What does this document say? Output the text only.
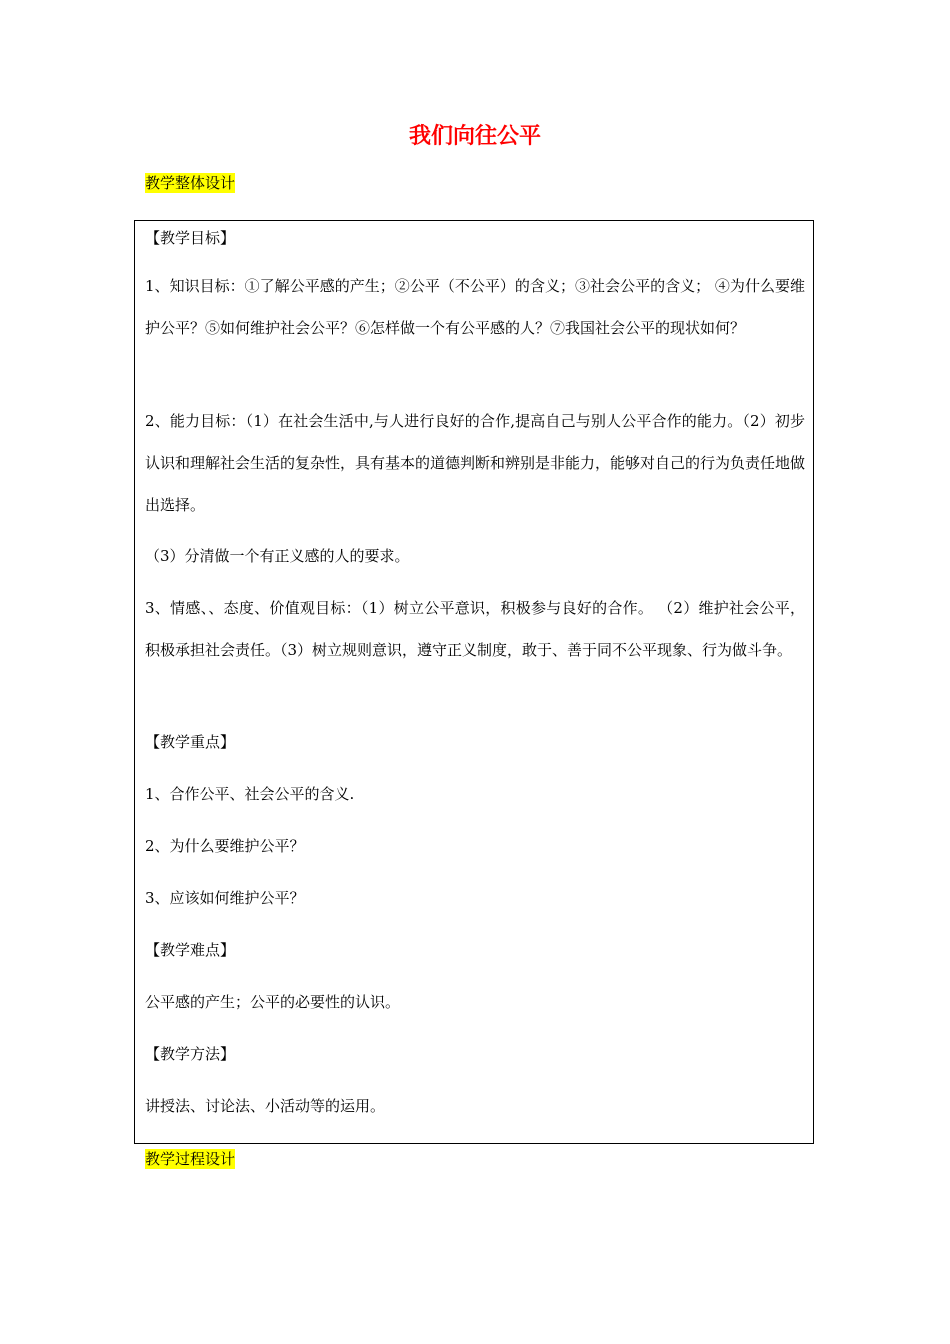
我们向往公平
教学整体设计
【教学目标】
1、知识目标：①了解公平感的产生；②公平（不公平）的含义；③社会公平的含义； ④为什么要维护公平？⑤如何维护社会公平？⑥怎样做一个有公平感的人？⑦我国社会公平的现状如何？
2、能力目标：（1）在社会生活中,与人进行良好的合作,提高自己与别人公平合作的能力。（2）初步认识和理解社会生活的复杂性，具有基本的道德判断和辨别是非能力，能够对自己的行为负责任地做出选择。
（3）分清做一个有正义感的人的要求。
3、情感、、态度、价值观目标：（1）树立公平意识，积极参与良好的合作。 （2）维护社会公平，积极承担社会责任。（3）树立规则意识，遵守正义制度，敢于、善于同不公平现象、行为做斗争。
【教学重点】
1、合作公平、社会公平的含义.
2、为什么要维护公平？
3、应该如何维护公平？
【教学难点】
公平感的产生；公平的必要性的认识。
【教学方法】
讲授法、讨论法、小活动等的运用。
教学过程设计
